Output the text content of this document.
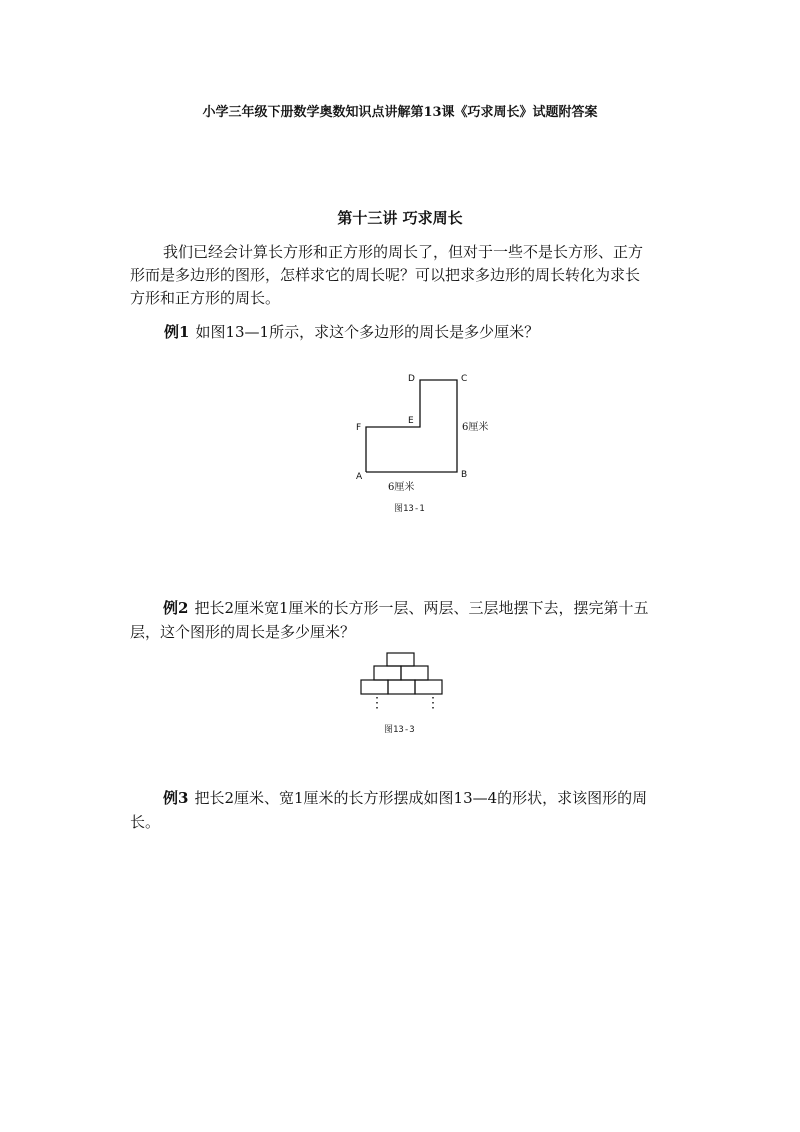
小学三年级下册数学奥数知识点讲解第13课《巧求周长》试题附答案
第十三讲 巧求周长
我们已经会计算长方形和正方形的周长了，但对于一些不是长方形、正方
形而是多边形的图形，怎样求它的周长呢？可以把求多边形的周长转化为求长
方形和正方形的周长。
例1 如图13—1所示，求这个多边形的周长是多少厘米？
D	C
E
F
A	B
6厘米
6厘米
图13-1
例2 把长2厘米宽1厘米的长方形一层、两层、三层地摆下去，摆完第十五
层，这个图形的周长是多少厘米？
⋮	⋮
图13-3
例3 把长2厘米、宽1厘米的长方形摆成如图13—4的形状，求该图形的周
长。
